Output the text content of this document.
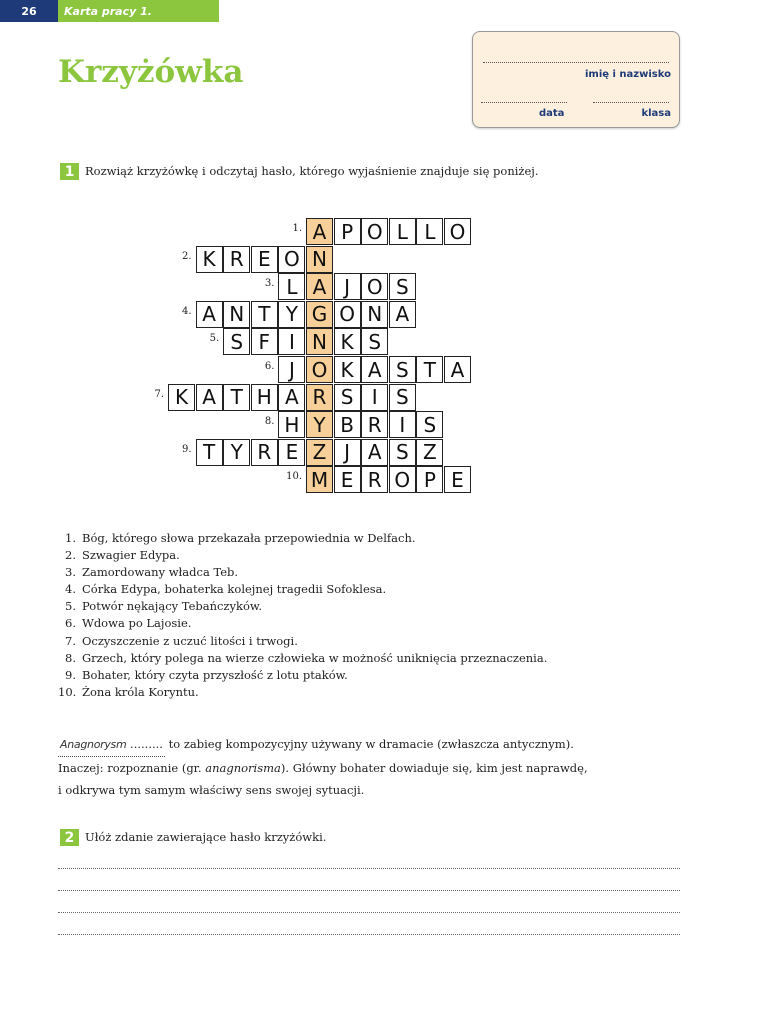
26	Karta pracy 1.
Krzyżówka	imię i nazwisko
data	klasa
1 Rozwiąż krzyżówkę i odczytaj hasło, którego wyjaśnienie znajduje się poniżej.
1. A P O L L O
2. K R E O N
3. L A J O S
4. A N T Y G O N A
5. S F I N K S
6. J O K A S T A
7. K A T H A R S I S
8. H Y B R I S
9. T Y R E Z J A S Z
10. M E R O P E
1. Bóg, którego słowa przekazała przepowiednia w Delfach.
2. Szwagier Edypa.
3. Zamordowany władca Teb.
4. Córka Edypa, bohaterka kolejnej tragedii Sofoklesa.
5. Potwór nękający Tebańczyków.
6. Wdowa po Lajosie.
7. Oczyszczenie z uczuć litości i trwogi.
8. Grzech, który polega na wierze człowieka w możność uniknięcia przeznaczenia.
9. Bohater, który czyta przyszłość z lotu ptaków.
10. Żona króla Koryntu.
Anagnorysm ......... to zabieg kompozycyjny używany w dramacie (zwłaszcza antycznym).
Inaczej: rozpoznanie (gr. anagnorisma). Główny bohater dowiaduje się, kim jest naprawdę,
i odkrywa tym samym właściwy sens swojej sytuacji.
2 Ułóż zdanie zawierające hasło krzyżówki.
